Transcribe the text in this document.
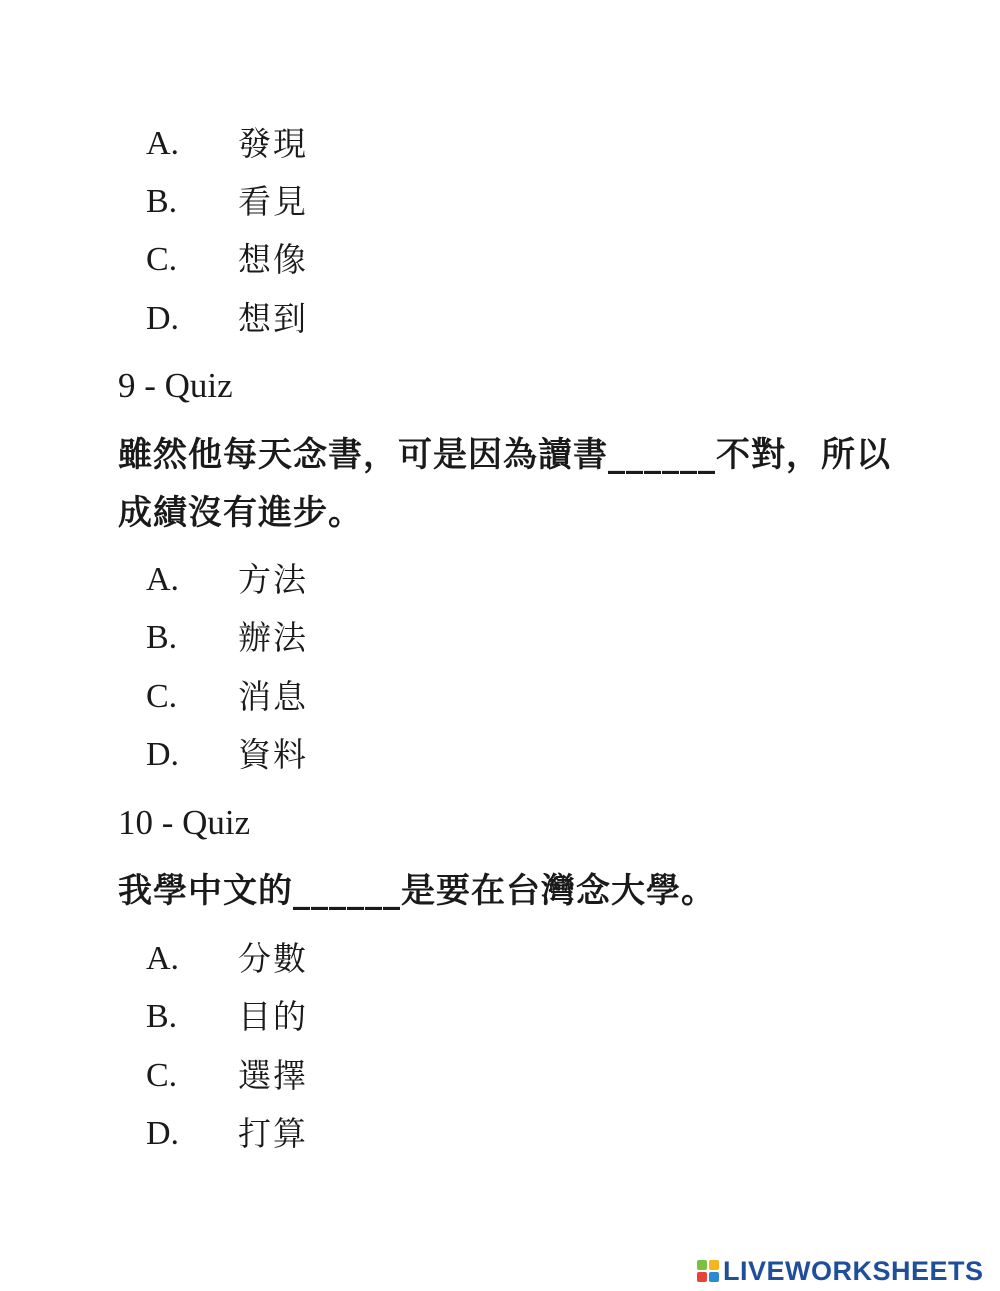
A.	發現
B.	看見
C.	想像
D.	想到
9 - Quiz
雖然他每天念書，可是因為讀書______不對，所以成績沒有進步。
A.	方法
B.	辦法
C.	消息
D.	資料
10 - Quiz
我學中文的______是要在台灣念大學。
A.	分數
B.	目的
C.	選擇
D.	打算
LIVEWORKSHEETS
